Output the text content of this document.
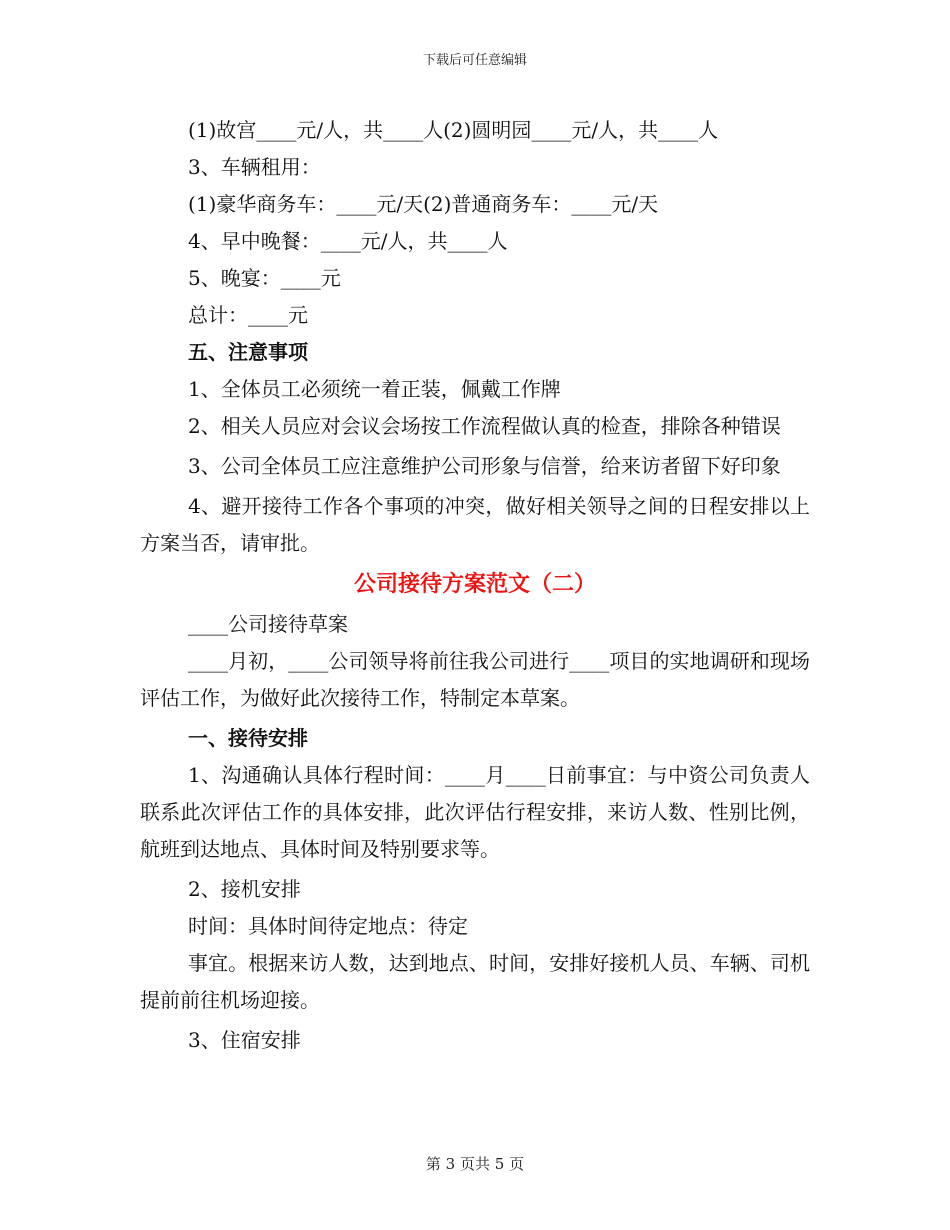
下载后可任意编辑

(1)故宫____元/人，共____人(2)圆明园____元/人，共____人

3、车辆租用：

(1)豪华商务车：____元/天(2)普通商务车：____元/天

4、早中晚餐：____元/人，共____人

5、晚宴：____元

总计：____元

五、注意事项

1、全体员工必须统一着正装，佩戴工作牌

2、相关人员应对会议会场按工作流程做认真的检查，排除各种错误

3、公司全体员工应注意维护公司形象与信誉，给来访者留下好印象

4、避开接待工作各个事项的冲突，做好相关领导之间的日程安排以上方案当否，请审批。

公司接待方案范文（二）

____公司接待草案

____月初，____公司领导将前往我公司进行____项目的实地调研和现场评估工作，为做好此次接待工作，特制定本草案。

一、接待安排

1、沟通确认具体行程时间：____月____日前事宜：与中资公司负责人联系此次评估工作的具体安排，此次评估行程安排，来访人数、性别比例，航班到达地点、具体时间及特别要求等。

2、接机安排

时间：具体时间待定地点：待定

事宜。根据来访人数，达到地点、时间，安排好接机人员、车辆、司机提前前往机场迎接。

3、住宿安排

第 3 页共 5 页
